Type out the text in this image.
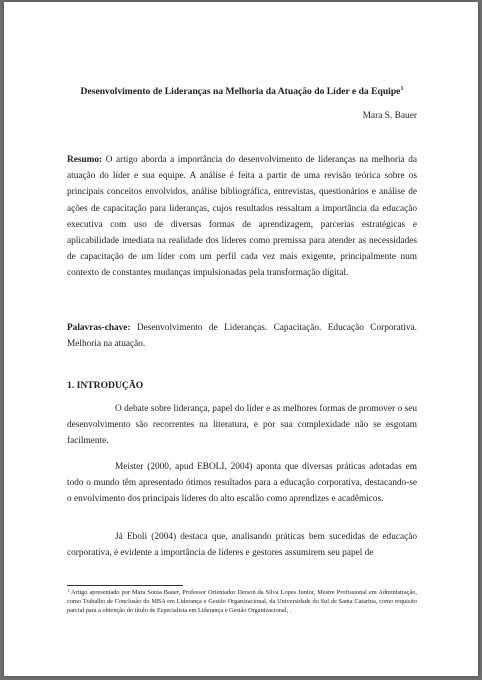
Desenvolvimento de Lideranças na Melhoria da Atuação do Líder e da Equipe$^1$
Mara S. Bauer

Resumo: O artigo aborda a importância do desenvolvimento de lideranças na melhoria da atuação do líder e sua equipe. A análise é feita a partir de uma revisão teórica sobre os principais conceitos envolvidos, análise bibliográfica, entrevistas, questionários e análise de ações de capacitação para lideranças, cujos resultados ressaltam a importância da educação executiva com uso de diversas formas de aprendizagem, parcerias estratégicas e aplicabilidade imediata na realidade dos líderes como premissa para atender as necessidades de capacitação de um líder com um perfil cada vez mais exigente, principalmente num contexto de constantes mudanças impulsionadas pela transformação digital.

Palavras-chave: Desenvolvimento de Lideranças. Capacitação. Educação Corporativa. Melhoria na atuação.

1. INTRODUÇÃO

O debate sobre liderança, papel do líder e as melhores formas de promover o seu desenvolvimento são recorrentes na literatura, e por sua complexidade não se esgotam facilmente.

Meister (2000, apud EBOLI, 2004) aponta que diversas práticas adotadas em todo o mundo têm apresentado ótimos resultados para a educação corporativa, destacando-se o envolvimento dos principais líderes do alto escalão como aprendizes e acadêmicos.

Já Eboli (2004) destaca que, analisando práticas bem sucedidas de educação corporativa, é evidente a importância de líderes e gestores assumirem seu papel de

$^1$ Artigo apresentado por Mara Sonia Bauer, Professor Orientador Derson da Silva Lopes Junior, Mestre Profissional em Administração, como Trabalho de Conclusão do MBA em Liderança e Gestão Organizacional, da Universidade do Sul de Santa Catarina, como requisito parcial para a obtenção do título de Especialista em Liderança e Gestão Organizacional, .
